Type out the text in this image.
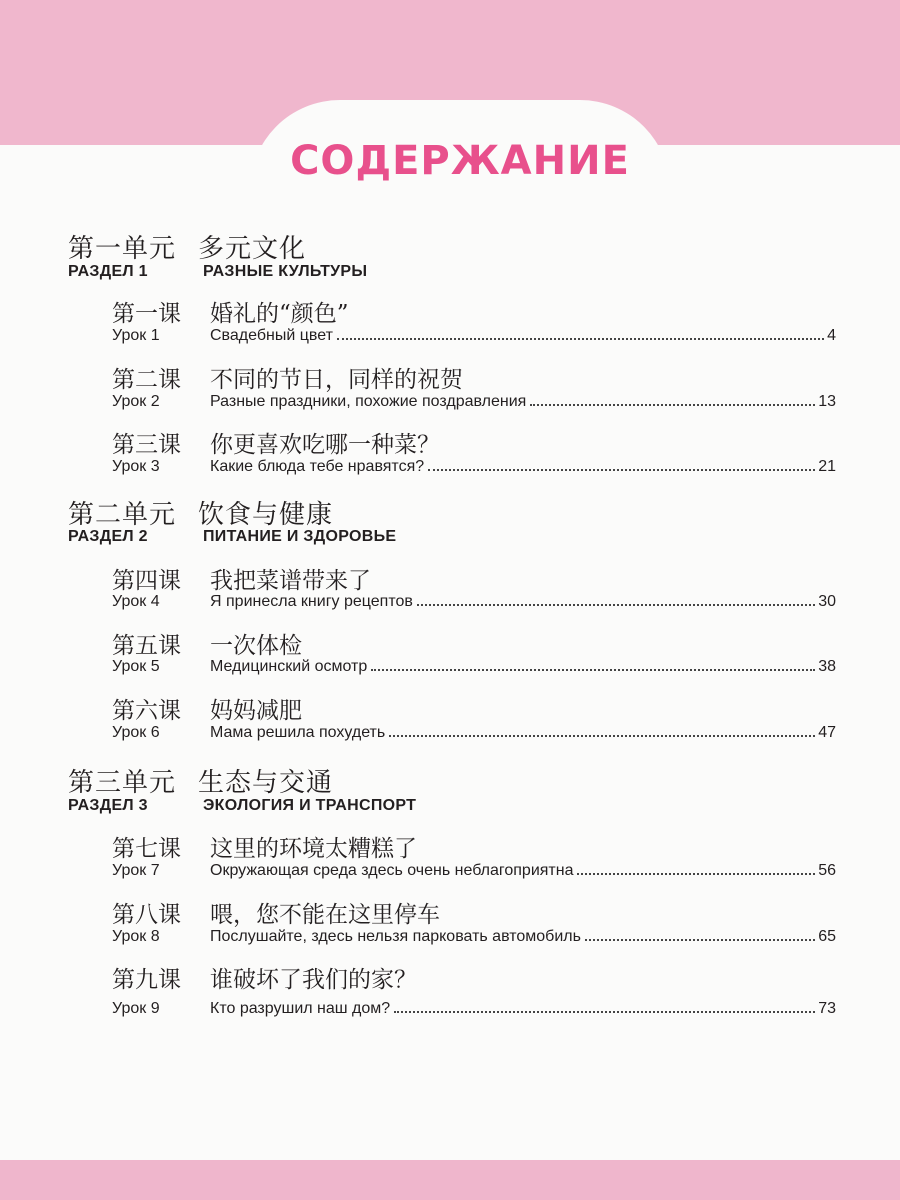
СОДЕРЖАНИЕ
第一单元 多元文化
РАЗДЕЛ 1	РАЗНЫЕ КУЛЬТУРЫ
第一课 婚礼的“颜色”
Урок 1	Свадебный цвет	4
第二课 不同的节日，同样的祝贺
Урок 2	Разные праздники, похожие поздравления	13
第三课 你更喜欢吃哪一种菜？
Урок 3	Какие блюда тебе нравятся?	21
第二单元 饮食与健康
РАЗДЕЛ 2	ПИТАНИЕ И ЗДОРОВЬЕ
第四课 我把菜谱带来了
Урок 4	Я принесла книгу рецептов	30
第五课 一次体检
Урок 5	Медицинский осмотр	38
第六课 妈妈减肥
Урок 6	Мама решила похудеть	47
第三单元 生态与交通
РАЗДЕЛ 3	ЭКОЛОГИЯ И ТРАНСПОРТ
第七课 这里的环境太糟糕了
Урок 7	Окружающая среда здесь очень неблагоприятна	56
第八课 喂，您不能在这里停车
Урок 8	Послушайте, здесь нельзя парковать автомобиль	65
第九课 谁破坏了我们的家？
Урок 9	Кто разрушил наш дом?	73
